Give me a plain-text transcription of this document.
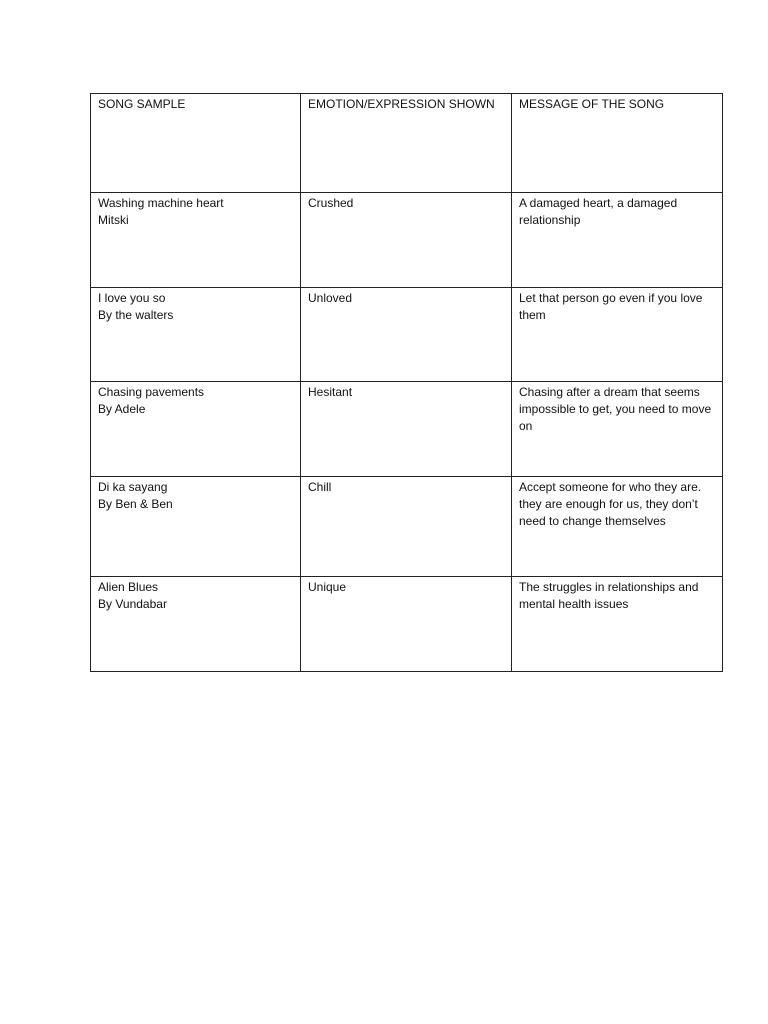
SONG SAMPLE	EMOTION/EXPRESSION SHOWN	MESSAGE OF THE SONG

Washing machine heart
Mitski	Crushed	A damaged heart, a damaged relationship

I love you so
By the walters	Unloved	Let that person go even if you love them

Chasing pavements
By Adele	Hesitant	Chasing after a dream that seems impossible to get, you need to move on

Di ka sayang
By Ben & Ben	Chill	Accept someone for who they are. they are enough for us, they don’t need to change themselves

Alien Blues
By Vundabar	Unique	The struggles in relationships and mental health issues
